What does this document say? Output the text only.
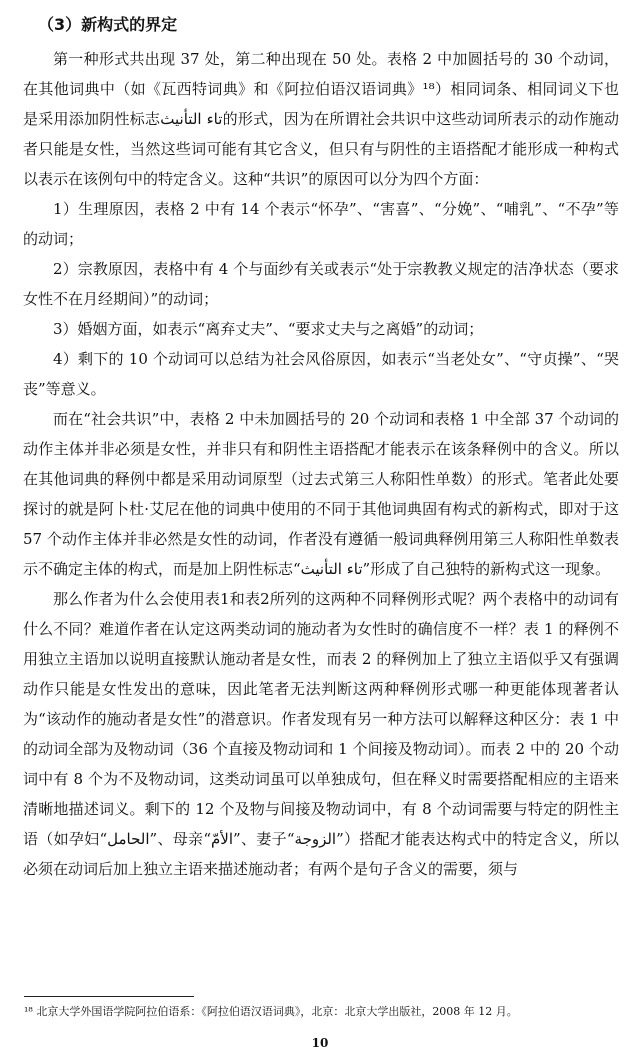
（3）新构式的界定

第一种形式共出现 37 处，第二种出现在 50 处。表格 2 中加圆括号的 30 个动词，在其他词典中（如《瓦西特词典》和《阿拉伯语汉语词典》¹⁸）相同词条、相同词义下也是采用添加阴性标志تاء التأنيث的形式，因为在所谓社会共识中这些动词所表示的动作施动者只能是女性，当然这些词可能有其它含义，但只有与阴性的主语搭配才能形成一种构式以表示在该例句中的特定含义。这种“共识”的原因可以分为四个方面：

1）生理原因，表格 2 中有 14 个表示“怀孕”、“害喜”、“分娩”、“哺乳”、“不孕”等的动词；

2）宗教原因，表格中有 4 个与面纱有关或表示“处于宗教教义规定的洁净状态（要求女性不在月经期间）”的动词；

3）婚姻方面，如表示“离弃丈夫”、“要求丈夫与之离婚”的动词；

4）剩下的 10 个动词可以总结为社会风俗原因，如表示“当老处女”、“守贞操”、“哭丧”等意义。

而在“社会共识”中，表格 2 中未加圆括号的 20 个动词和表格 1 中全部 37 个动词的动作主体并非必须是女性，并非只有和阴性主语搭配才能表示在该条释例中的含义。所以在其他词典的释例中都是采用动词原型（过去式第三人称阳性单数）的形式。笔者此处要探讨的就是阿卜杜·艾尼在他的词典中使用的不同于其他词典固有构式的新构式，即对于这 57 个动作主体并非必然是女性的动词，作者没有遵循一般词典释例用第三人称阳性单数表示不确定主体的构式，而是加上阴性标志“تاء التأنيث”形成了自己独特的新构式这一现象。

那么作者为什么会使用表1和表2所列的这两种不同释例形式呢？两个表格中的动词有什么不同？难道作者在认定这两类动词的施动者为女性时的确信度不一样？表 1 的释例不用独立主语加以说明直接默认施动者是女性，而表 2 的释例加上了独立主语似乎又有强调动作只能是女性发出的意味，因此笔者无法判断这两种释例形式哪一种更能体现著者认为“该动作的施动者是女性”的潜意识。作者发现有另一种方法可以解释这种区分：表 1 中的动词全部为及物动词（36 个直接及物动词和 1 个间接及物动词）。而表 2 中的 20 个动词中有 8 个为不及物动词，这类动词虽可以单独成句，但在释义时需要搭配相应的主语来清晰地描述词义。剩下的 12 个及物与间接及物动词中，有 8 个动词需要与特定的阴性主语（如孕妇“الحامل”、母亲“الأمّ”、妻子“الزوجة”）搭配才能表达构式中的特定含义，所以必须在动词后加上独立主语来描述施动者；有两个是句子含义的需要，须与

¹⁸ 北京大学外国语学院阿拉伯语系：《阿拉伯语汉语词典》，北京：北京大学出版社，2008 年 12 月。
10
